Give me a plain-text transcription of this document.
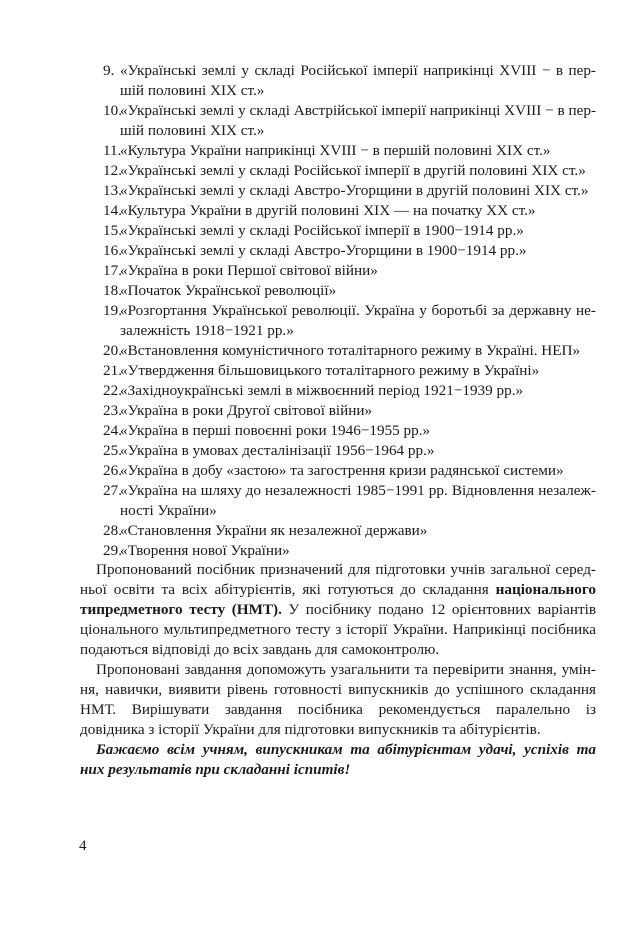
9. «Українські землі у складі Російської імперії наприкінці XVIII − в пер-
шій половині XIX ст.»
10.
«Українські землі у складі Австрійської імперії наприкінці XVIII − в пер-
шій половині XIX ст.»
11.
«Культура України наприкінці XVIII − в першій половині XIX ст.»
12.
«Українські землі у складі Російської імперії в другій половині XIX ст.»
13.
«Українські землі у складі Австро-Угорщини в другій половині XIX ст.»
14.
«Культура України в другій половині XIX — на початку XX ст.»
15.
«Українські землі у складі Російської імперії в 1900−1914 рр.»
16.
«Українські землі у складі Австро-Угорщини в 1900−1914 рр.»
17.
«Україна в роки Першої світової війни»
18.
«Початок Української революції»
19.
«Розгортання Української революції. Україна у боротьбі за державну не-
залежність 1918−1921 рр.»
20.
«Встановлення комуністичного тоталітарного режиму в Україні. НЕП»
21.
«Утвердження більшовицького тоталітарного режиму в Україні»
22.
«Західноукраїнські землі в міжвоєнний період 1921−1939 рр.»
23.
«Україна в роки Другої світової війни»
24.
«Україна в перші повоєнні роки 1946−1955 рр.»
25.
«Україна в умовах десталінізації 1956−1964 рр.»
26.
«Україна в добу «застою» та загострення кризи радянської системи»
27.
«Україна на шляху до незалежності 1985−1991 рр. Відновлення незалеж-
ності України»
28.
«Становлення України як незалежної держави»
29.
«Творення нової України»
Пропонований посібник призначений для підготовки учнів загальної серед-
ньої освіти та всіх абітурієнтів, які готуються до складання національного
типредметного тесту (НМТ). У посібнику подано 12 орієнтовних варіантів
ціонального мультипредметного тесту з історії України. Наприкінці посібника
подаються відповіді до всіх завдань для самоконтролю.
Пропоновані завдання допоможуть узагальнити та перевірити знання, умін-
ня, навички, виявити рівень готовності випускників до успішного складання
НМТ. Вирішувати завдання посібника рекомендується паралельно із
довідника з історії України для підготовки випускників та абітурієнтів.
Бажаємо всім учням, випускникам та абітурієнтам удачі, успіхів та
них результатів при складанні іспитів!
4
